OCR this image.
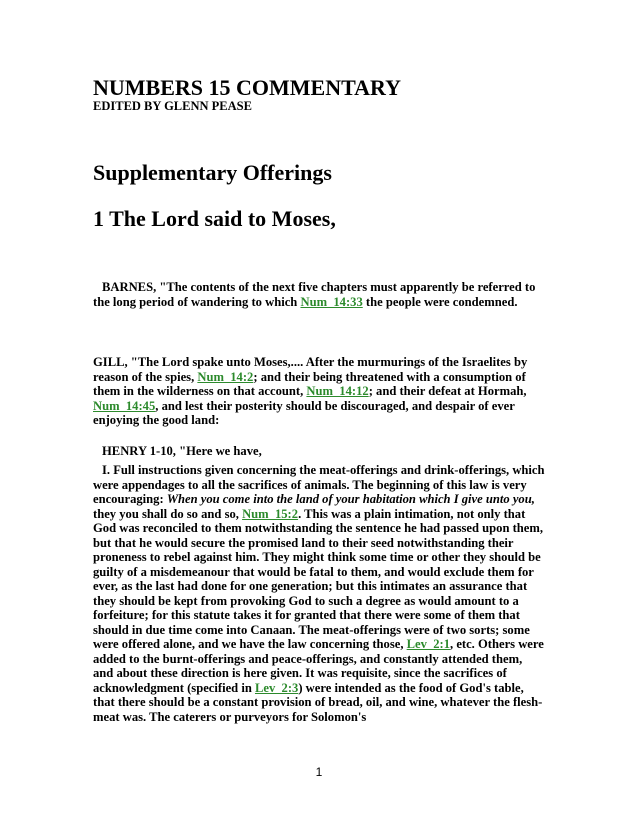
NUMBERS 15 COMMENTARY
EDITED BY GLENN PEASE
Supplementary Offerings
1 The Lord said to Moses,

BARNES, "The contents of the next five chapters must apparently be referred to the long period of wandering to which Num_14:33 the people were condemned.

GILL, "The Lord spake unto Moses,.... After the murmurings of the Israelites by reason of the spies, Num_14:2; and their being threatened with a consumption of them in the wilderness on that account, Num_14:12; and their defeat at Hormah, Num_14:45, and lest their posterity should be discouraged, and despair of ever enjoying the good land:

HENRY 1-10, "Here we have,

I. Full instructions given concerning the meat-offerings and drink-offerings, which were appendages to all the sacrifices of animals. The beginning of this law is very encouraging: When you come into the land of your habitation which I give unto you, they you shall do so and so, Num_15:2. This was a plain intimation, not only that God was reconciled to them notwithstanding the sentence he had passed upon them, but that he would secure the promised land to their seed notwithstanding their proneness to rebel against him. They might think some time or other they should be guilty of a misdemeanour that would be fatal to them, and would exclude them for ever, as the last had done for one generation; but this intimates an assurance that they should be kept from provoking God to such a degree as would amount to a forfeiture; for this statute takes it for granted that there were some of them that should in due time come into Canaan. The meat-offerings were of two sorts; some were offered alone, and we have the law concerning those, Lev_2:1, etc. Others were added to the burnt-offerings and peace-offerings, and constantly attended them, and about these direction is here given. It was requisite, since the sacrifices of acknowledgment (specified in Lev_2:3) were intended as the food of God's table, that there should be a constant provision of bread, oil, and wine, whatever the flesh-meat was. The caterers or purveyors for Solomon's

1
